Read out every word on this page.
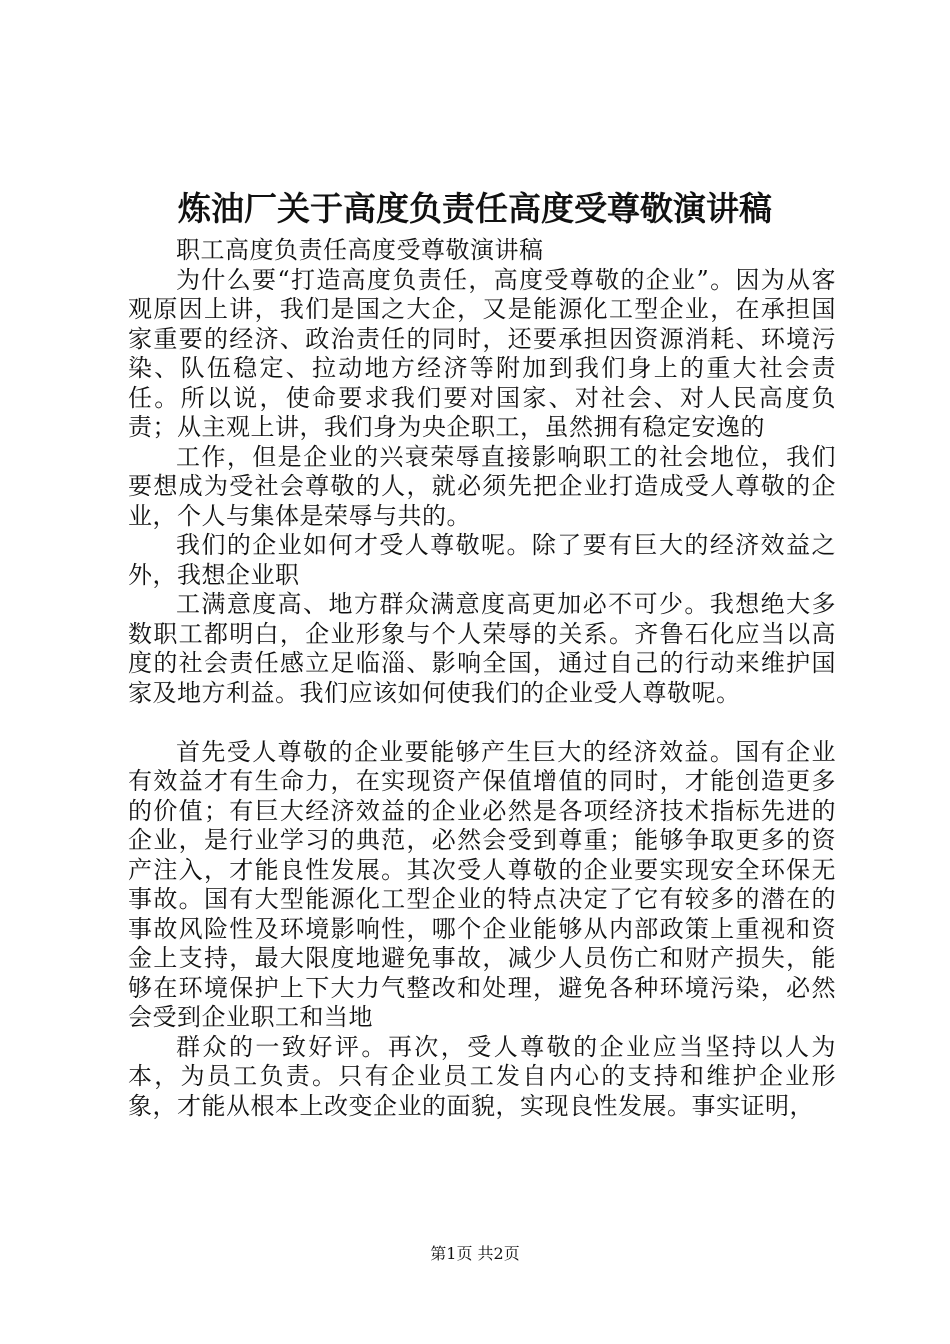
炼油厂关于高度负责任高度受尊敬演讲稿

职工高度负责任高度受尊敬演讲稿

为什么要“打造高度负责任，高度受尊敬的企业”。因为从客观原因上讲，我们是国之大企，又是能源化工型企业，在承担国家重要的经济、政治责任的同时，还要承担因资源消耗、环境污染、队伍稳定、拉动地方经济等附加到我们身上的重大社会责任。所以说，使命要求我们要对国家、对社会、对人民高度负责；从主观上讲，我们身为央企职工，虽然拥有稳定安逸的

工作，但是企业的兴衰荣辱直接影响职工的社会地位，我们要想成为受社会尊敬的人，就必须先把企业打造成受人尊敬的企业，个人与集体是荣辱与共的。

我们的企业如何才受人尊敬呢。除了要有巨大的经济效益之外，我想企业职

工满意度高、地方群众满意度高更加必不可少。我想绝大多数职工都明白，企业形象与个人荣辱的关系。齐鲁石化应当以高度的社会责任感立足临淄、影响全国，通过自己的行动来维护国家及地方利益。我们应该如何使我们的企业受人尊敬呢。

首先受人尊敬的企业要能够产生巨大的经济效益。国有企业有效益才有生命力，在实现资产保值增值的同时，才能创造更多的价值；有巨大经济效益的企业必然是各项经济技术指标先进的企业，是行业学习的典范，必然会受到尊重；能够争取更多的资产注入，才能良性发展。其次受人尊敬的企业要实现安全环保无事故。国有大型能源化工型企业的特点决定了它有较多的潜在的事故风险性及环境影响性，哪个企业能够从内部政策上重视和资金上支持，最大限度地避免事故，减少人员伤亡和财产损失，能够在环境保护上下大力气整改和处理，避免各种环境污染，必然会受到企业职工和当地

群众的一致好评。再次，受人尊敬的企业应当坚持以人为本，为员工负责。只有企业员工发自内心的支持和维护企业形象，才能从根本上改变企业的面貌，实现良性发展。事实证明，

第1页 共2页
